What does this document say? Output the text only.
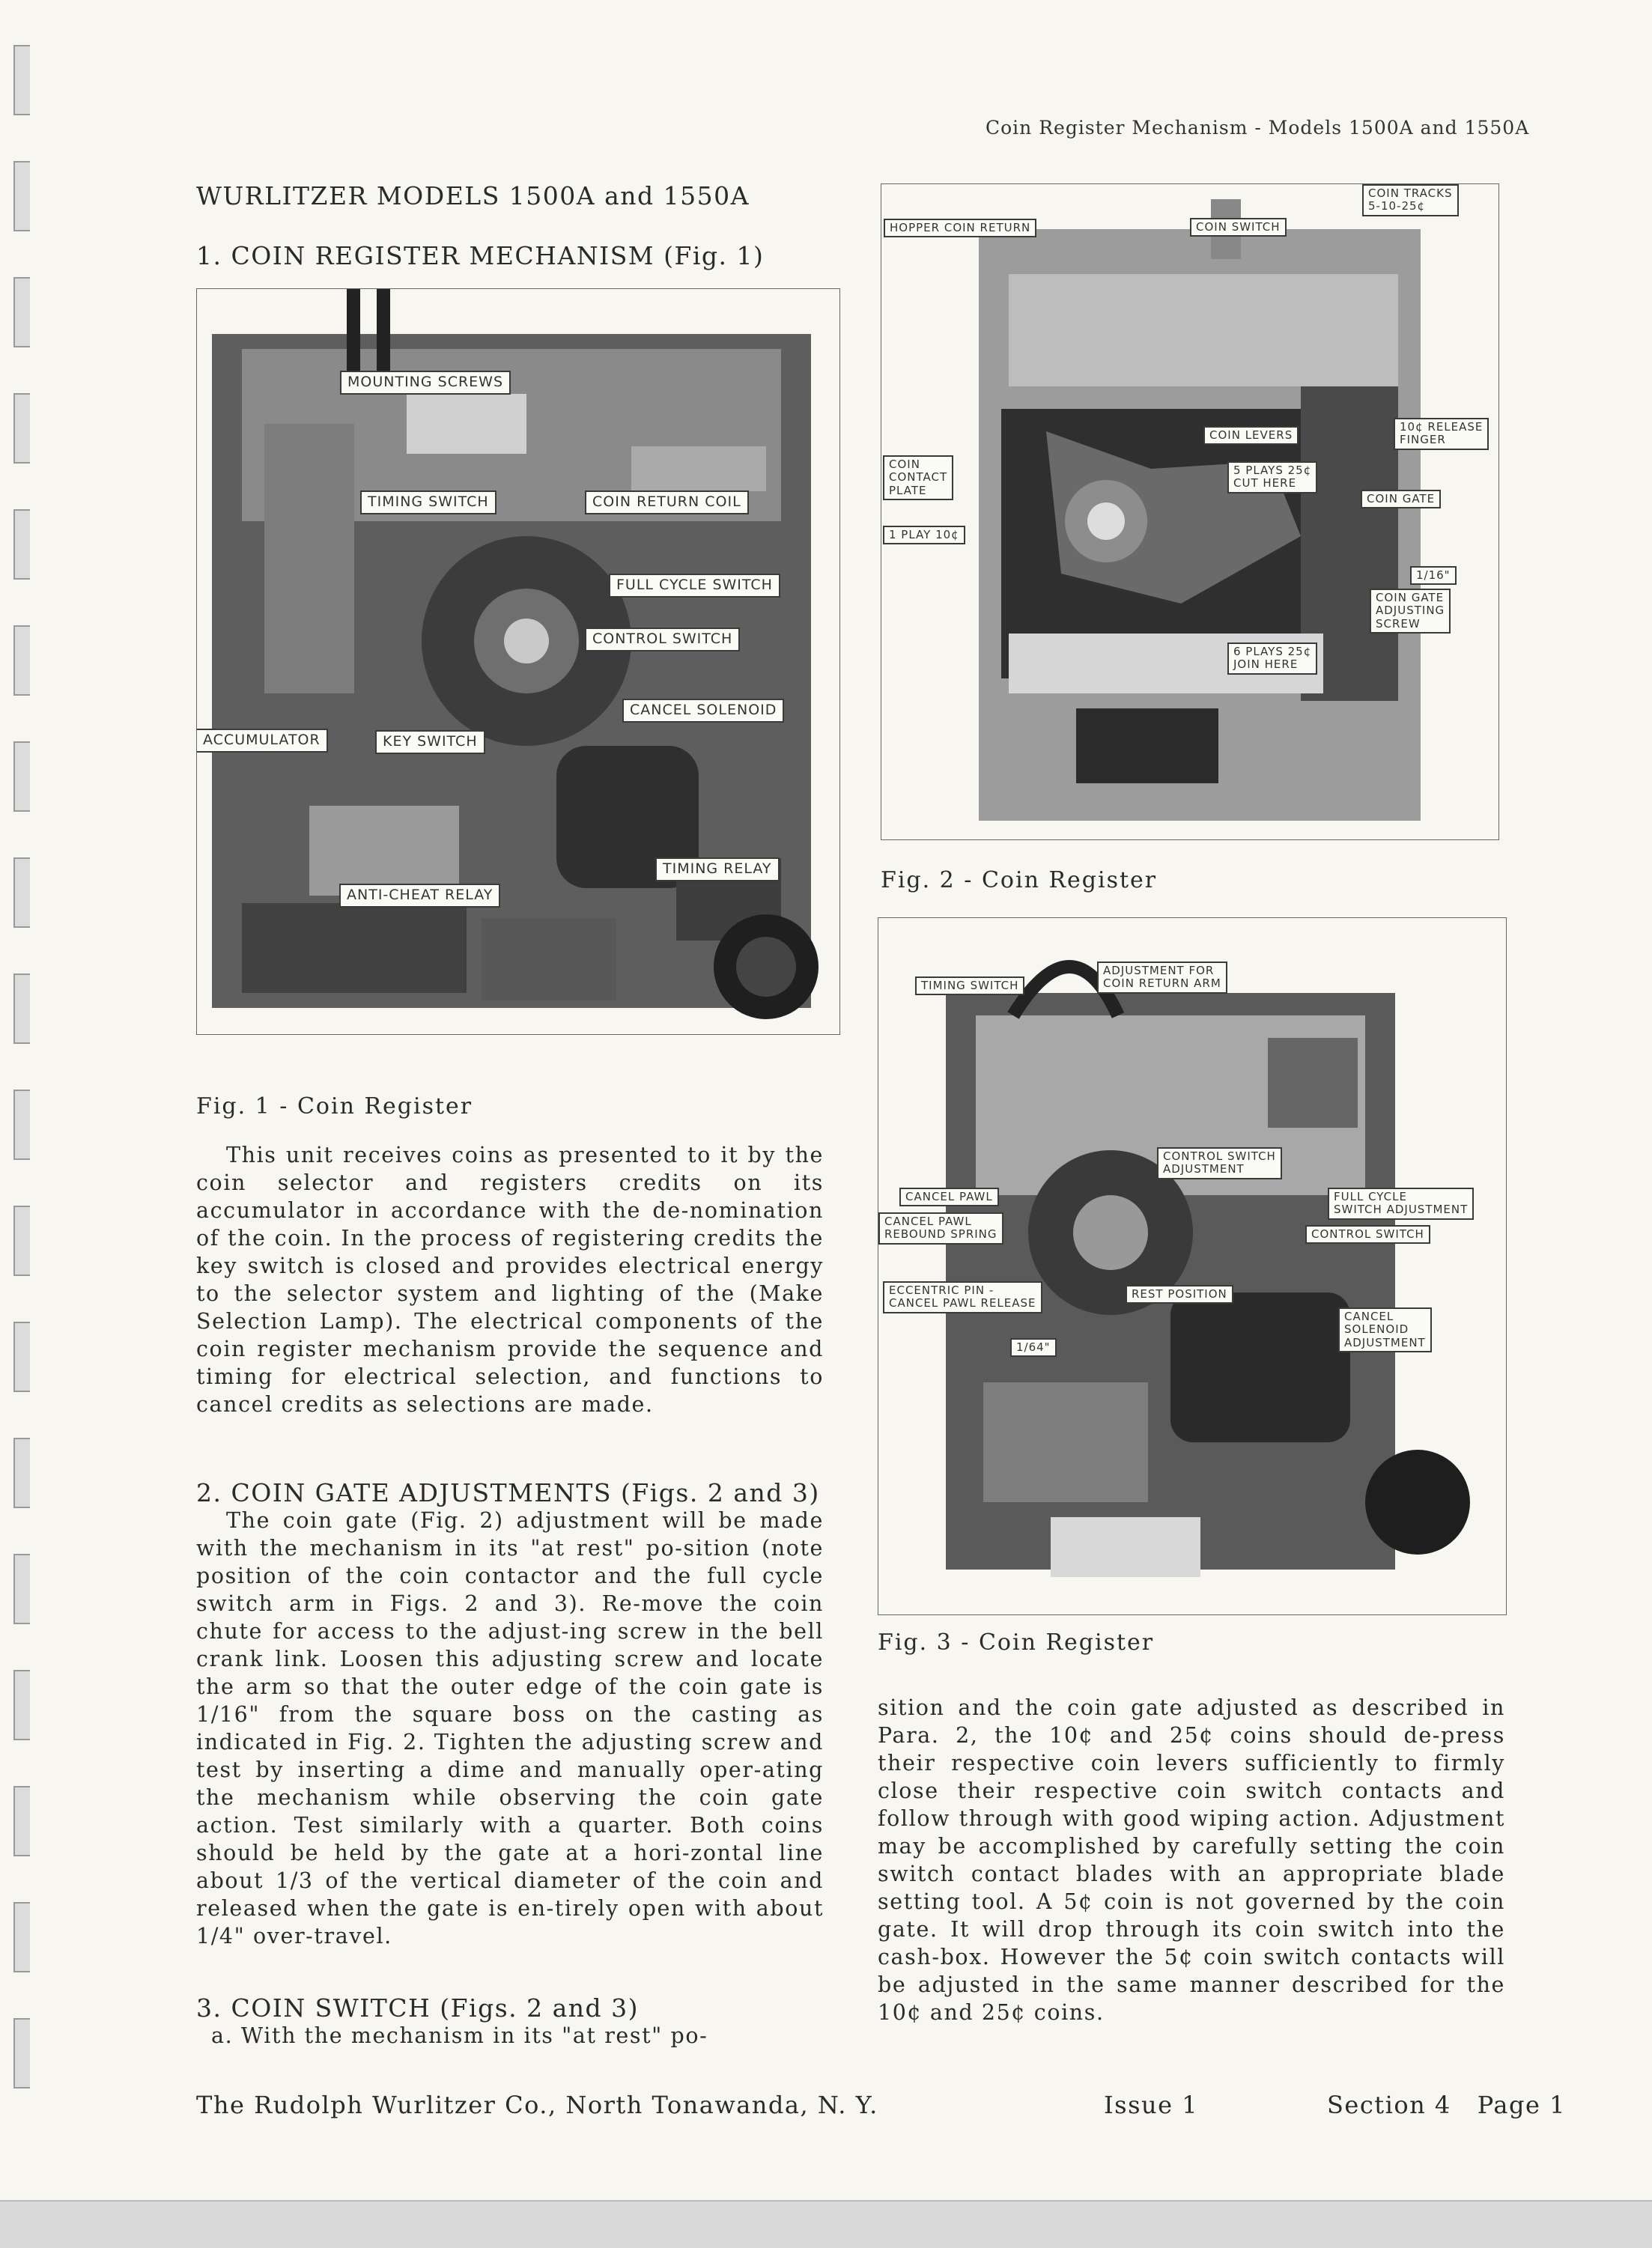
Coin Register Mechanism - Models 1500A and 1550A
WURLITZER MODELS 1500A and 1550A
1. COIN REGISTER MECHANISM (Fig. 1)
MOUNTING SCREWS
TIMING SWITCH	COIN RETURN COIL
FULL CYCLE SWITCH
CONTROL SWITCH
CANCEL SOLENOID
ACCUMULATOR	KEY SWITCH
TIMING RELAY
ANTI-CHEAT RELAY
Fig. 1 - Coin Register
HOPPER COIN RETURN	COIN SWITCH
COIN TRACKS
5-10-25¢
COIN LEVERS
10¢ RELEASE
FINGER
COIN
CONTACT
PLATE
5 PLAYS 25¢
CUT HERE
COIN GATE
1 PLAY 10¢
1/16"
COIN GATE
ADJUSTING
SCREW
6 PLAYS 25¢
JOIN HERE
Fig. 2 - Coin Register
TIMING SWITCH
ADJUSTMENT FOR
COIN RETURN ARM
CONTROL SWITCH
ADJUSTMENT
CANCEL PAWL	FULL CYCLE
SWITCH ADJUSTMENT
CANCEL PAWL
REBOUND SPRING	CONTROL SWITCH
ECCENTRIC PIN -
CANCEL PAWL RELEASE
REST POSITION
1/64"
CANCEL
SOLENOID
ADJUSTMENT
Fig. 3 - Coin Register
This unit receives coins as presented to it by the coin selector and registers credits on its accumulator in accordance with the de-nomination of the coin. In the process of registering credits the key switch is closed and provides electrical energy to the selector system and lighting of the (Make Selection Lamp). The electrical components of the coin register mechanism provide the sequence and timing for electrical selection, and functions to cancel credits as selections are made.
2. COIN GATE ADJUSTMENTS (Figs. 2 and 3)
The coin gate (Fig. 2) adjustment will be made with the mechanism in its "at rest" po-sition (note position of the coin contactor and the full cycle switch arm in Figs. 2 and 3). Re-move the coin chute for access to the adjust-ing screw in the bell crank link. Loosen this adjusting screw and locate the arm so that the outer edge of the coin gate is 1/16" from the square boss on the casting as indicated in Fig. 2. Tighten the adjusting screw and test by inserting a dime and manually oper-ating the mechanism while observing the coin gate action. Test similarly with a quarter. Both coins should be held by the gate at a hori-zontal line about 1/3 of the vertical diameter of the coin and released when the gate is en-tirely open with about 1/4" over-travel.
3. COIN SWITCH (Figs. 2 and 3)
a. With the mechanism in its "at rest" po-
sition and the coin gate adjusted as described in Para. 2, the 10¢ and 25¢ coins should de-press their respective coin levers sufficiently to firmly close their respective coin switch contacts and follow through with good wiping action. Adjustment may be accomplished by carefully setting the coin switch contact blades with an appropriate blade setting tool. A 5¢ coin is not governed by the coin gate. It will drop through its coin switch into the cash-box. However the 5¢ coin switch contacts will be adjusted in the same manner described for the 10¢ and 25¢ coins.
The Rudolph Wurlitzer Co., North Tonawanda, N. Y.	Issue 1	Section 4   Page 1
